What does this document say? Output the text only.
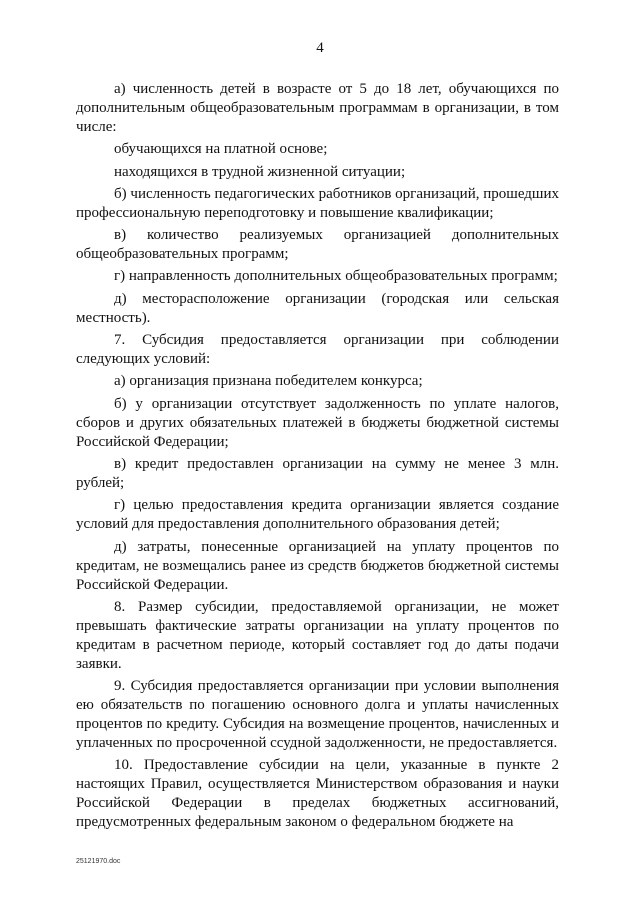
4

а) численность детей в возрасте от 5 до 18 лет, обучающихся по дополнительным общеобразовательным программам в организации, в том числе:

обучающихся на платной основе;

находящихся в трудной жизненной ситуации;

б) численность педагогических работников организаций, прошедших профессиональную переподготовку и повышение квалификации;

в) количество реализуемых организацией дополнительных общеобразовательных программ;

г) направленность дополнительных общеобразовательных программ;

д) месторасположение организации (городская или сельская местность).

7. Субсидия предоставляется организации при соблюдении следующих условий:

а) организация признана победителем конкурса;

б) у организации отсутствует задолженность по уплате налогов, сборов и других обязательных платежей в бюджеты бюджетной системы Российской Федерации;

в) кредит предоставлен организации на сумму не менее 3 млн. рублей;

г) целью предоставления кредита организации является создание условий для предоставления дополнительного образования детей;

д) затраты, понесенные организацией на уплату процентов по кредитам, не возмещались ранее из средств бюджетов бюджетной системы Российской Федерации.

8. Размер субсидии, предоставляемой организации, не может превышать фактические затраты организации на уплату процентов по кредитам в расчетном периоде, который составляет год до даты подачи заявки.

9. Субсидия предоставляется организации при условии выполнения ею обязательств по погашению основного долга и уплаты начисленных процентов по кредиту. Субсидия на возмещение процентов, начисленных и уплаченных по просроченной ссудной задолженности, не предоставляется.

10. Предоставление субсидии на цели, указанные в пункте 2 настоящих Правил, осуществляется Министерством образования и науки Российской Федерации в пределах бюджетных ассигнований, предусмотренных федеральным законом о федеральном бюджете на

25121970.doc
